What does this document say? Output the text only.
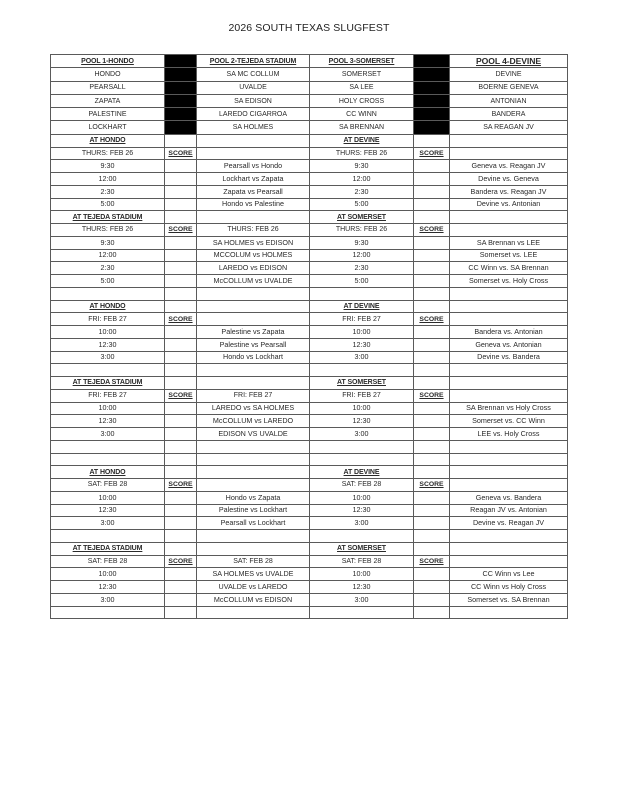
2026 SOUTH TEXAS SLUGFEST
POOL 1-HONDO		POOL 2-TEJEDA STADIUM	POOL 3-SOMERSET		POOL 4-DEVINE
HONDO		SA MC COLLUM	SOMERSET		DEVINE
PEARSALL		UVALDE	SA LEE		BOERNE GENEVA
ZAPATA		SA EDISON	HOLY CROSS		ANTONIAN
PALESTINE		LAREDO CIGARROA	CC WINN		BANDERA
LOCKHART		SA HOLMES	SA BRENNAN		SA REAGAN JV
AT HONDO			AT DEVINE		
THURS: FEB 26	SCORE		THURS: FEB 26	SCORE	
9:30		Pearsall vs Hondo	9:30		Geneva vs. Reagan JV
12:00		Lockhart vs Zapata	12:00		Devine vs. Geneva
2:30		Zapata vs Pearsall	2:30		Bandera vs. Reagan JV
5:00		Hondo vs Palestine	5:00		Devine vs. Antonian
AT TEJEDA STADIUM			AT SOMERSET		
THURS: FEB 26	SCORE	THURS: FEB 26	THURS: FEB 26	SCORE	
9:30		SA HOLMES vs EDISON	9:30		SA Brennan vs LEE
12:00		MCCOLUM vs HOLMES	12:00		Somerset vs. LEE
2:30		LAREDO vs EDISON	2:30		CC Winn vs. SA Brennan
5:00		McCOLLUM vs UVALDE	5:00		Somerset vs. Holy Cross

AT HONDO			AT DEVINE		
FRI: FEB 27	SCORE		FRI: FEB 27	SCORE	
10:00		Palestine vs Zapata	10:00		Bandera vs. Antonian
12:30		Palestine vs Pearsall	12:30		Geneva vs. Antonian
3:00		Hondo vs Lockhart	3:00		Devine vs. Bandera

AT TEJEDA STADIUM			AT SOMERSET		
FRI: FEB 27	SCORE	FRI: FEB 27	FRI: FEB 27	SCORE	
10:00		LAREDO vs SA HOLMES	10:00		SA Brennan vs Holy Cross
12:30		McCOLLUM vs LAREDO	12:30		Somerset vs. CC Winn
3:00		EDISON VS UVALDE	3:00		LEE vs. Holy Cross

AT HONDO			AT DEVINE		
SAT: FEB 28	SCORE		SAT: FEB 28	SCORE	
10:00		Hondo vs Zapata	10:00		Geneva vs. Bandera
12:30		Palestine vs Lockhart	12:30		Reagan JV vs. Antonian
3:00		Pearsall vs Lockhart	3:00		Devine vs. Reagan JV

AT TEJEDA STADIUM			AT SOMERSET		
SAT: FEB 28	SCORE	SAT: FEB 28	SAT: FEB 28	SCORE	
10:00		SA HOLMES vs UVALDE	10:00		CC Winn vs Lee
12:30		UVALDE vs LAREDO	12:30		CC Winn vs Holy Cross
3:00		McCOLLUM vs EDISON	3:00		Somerset vs. SA Brennan
